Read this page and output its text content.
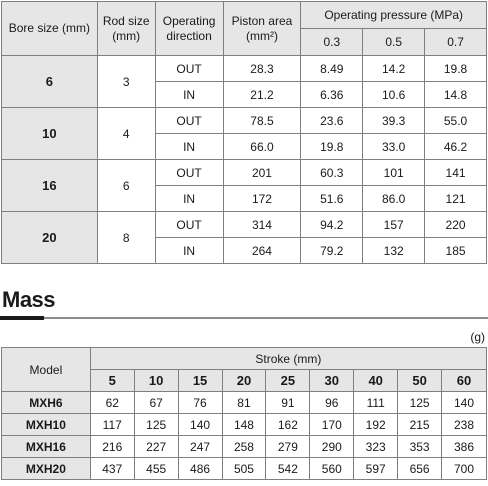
Bore size (mm)	Rod size (mm)	Operating direction	Piston area (mm²)	Operating pressure (MPa)		
				0.3	0.5	0.7
6	3	OUT	28.3	8.49	14.2	19.8
		IN	21.2	6.36	10.6	14.8
10	4	OUT	78.5	23.6	39.3	55.0
		IN	66.0	19.8	33.0	46.2
16	6	OUT	201	60.3	101	141
		IN	172	51.6	86.0	121
20	8	OUT	314	94.2	157	220
		IN	264	79.2	132	185
Mass
(g)
Model	Stroke (mm)								
	5	10	15	20	25	30	40	50	60
MXH6	62	67	76	81	91	96	111	125	140
MXH10	117	125	140	148	162	170	192	215	238
MXH16	216	227	247	258	279	290	323	353	386
MXH20	437	455	486	505	542	560	597	656	700
